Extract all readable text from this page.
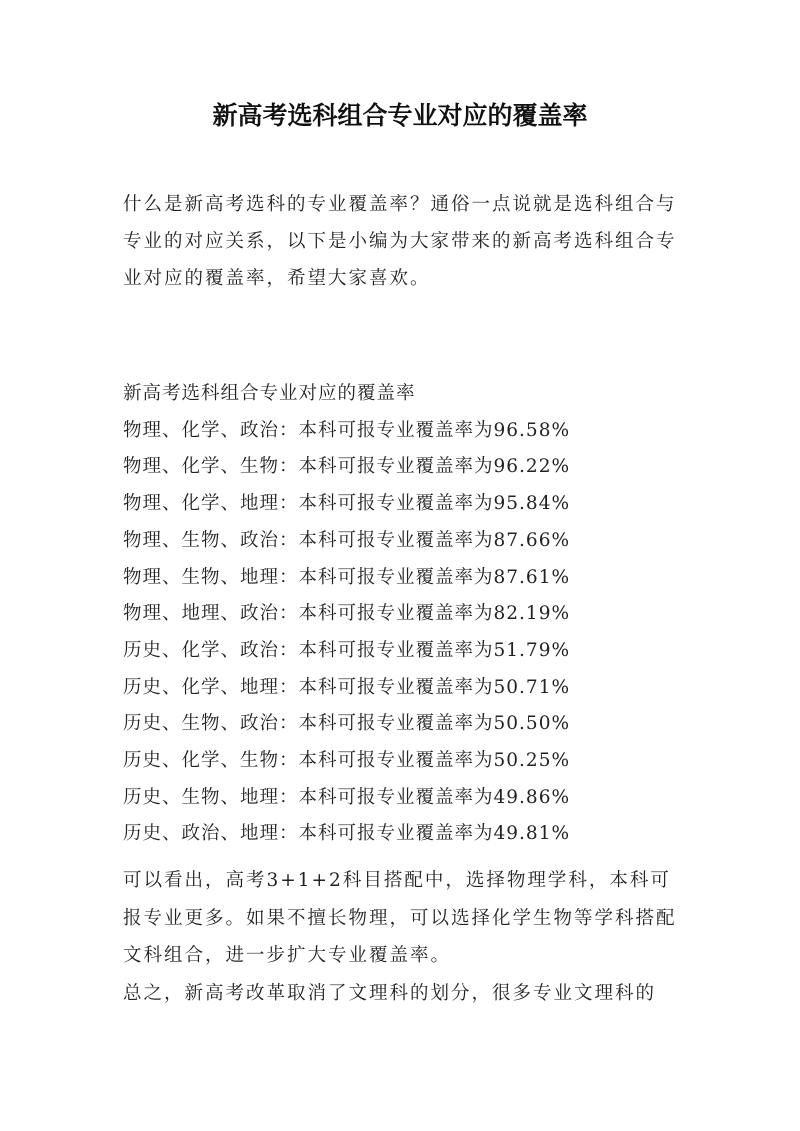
新高考选科组合专业对应的覆盖率

什么是新高考选科的专业覆盖率？通俗一点说就是选科组合与专业的对应关系，以下是小编为大家带来的新高考选科组合专业对应的覆盖率，希望大家喜欢。

新高考选科组合专业对应的覆盖率
物理、化学、政治：本科可报专业覆盖率为96.58%
物理、化学、生物：本科可报专业覆盖率为96.22%
物理、化学、地理：本科可报专业覆盖率为95.84%
物理、生物、政治：本科可报专业覆盖率为87.66%
物理、生物、地理：本科可报专业覆盖率为87.61%
物理、地理、政治：本科可报专业覆盖率为82.19%
历史、化学、政治：本科可报专业覆盖率为51.79%
历史、化学、地理：本科可报专业覆盖率为50.71%
历史、生物、政治：本科可报专业覆盖率为50.50%
历史、化学、生物：本科可报专业覆盖率为50.25%
历史、生物、地理：本科可报专业覆盖率为49.86%
历史、政治、地理：本科可报专业覆盖率为49.81%

可以看出，高考3+1+2科目搭配中，选择物理学科，本科可报专业更多。如果不擅长物理，可以选择化学生物等学科搭配文科组合，进一步扩大专业覆盖率。

总之，新高考改革取消了文理科的划分，很多专业文理科的
